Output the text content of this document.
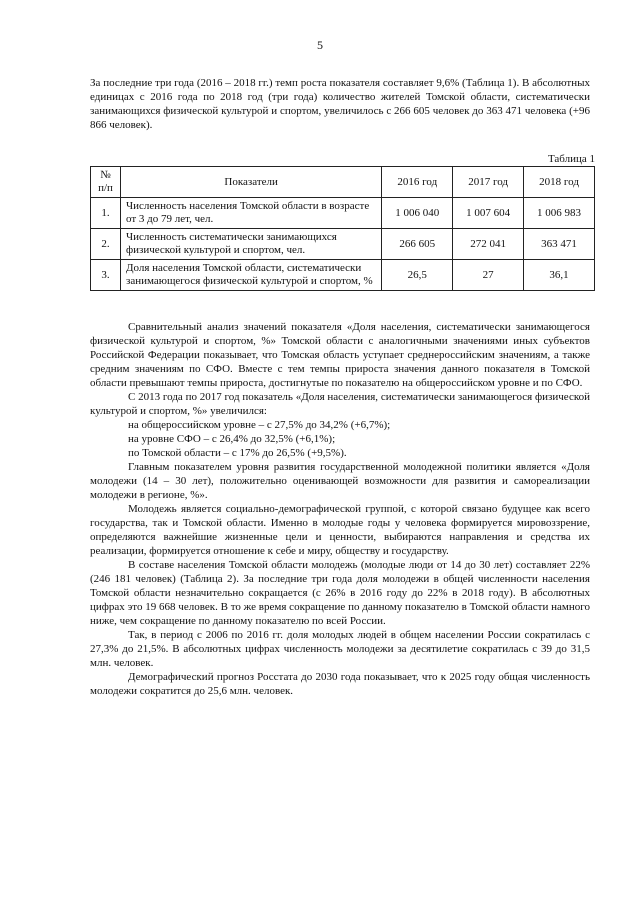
5

За последние три года (2016 – 2018 гг.) темп роста показателя составляет 9,6% (Таблица 1). В абсолютных единицах с 2016 года по 2018 год (три года) количество жителей Томской области, систематически занимающихся физической культурой и спортом, увеличилось с 266 605 человек до 363 471 человека (+96 866 человек).

Таблица 1
№ п/п	Показатели	2016 год	2017 год	2018 год
1.	Численность населения Томской области в возрасте от 3 до 79 лет, чел.	1 006 040	1 007 604	1 006 983
2.	Численность систематически занимающихся физической культурой и спортом, чел.	266 605	272 041	363 471
3.	Доля населения Томской области, систематически занимающегося физической культурой и спортом, %	26,5	27	36,1

Сравнительный анализ значений показателя «Доля населения, систематически занимающегося физической культурой и спортом, %» Томской области с аналогичными значениями иных субъектов Российской Федерации показывает, что Томская область уступает среднероссийским значениям, а также средним значениям по СФО. Вместе с тем темпы прироста значения данного показателя в Томской области превышают темпы прироста, достигнутые по показателю на общероссийском уровне и по СФО.

С 2013 года по 2017 год показатель «Доля населения, систематически занимающегося физической культурой и спортом, %» увеличился:

на общероссийском уровне – с 27,5% до 34,2% (+6,7%);

на уровне СФО – с 26,4% до 32,5% (+6,1%);

по Томской области – с 17% до 26,5% (+9,5%).

Главным показателем уровня развития государственной молодежной политики является «Доля молодежи (14 – 30 лет), положительно оценивающей возможности для развития и самореализации молодежи в регионе, %».

Молодежь является социально-демографической группой, с которой связано будущее как всего государства, так и Томской области. Именно в молодые годы у человека формируется мировоззрение, определяются важнейшие жизненные цели и ценности, выбираются направления и средства их реализации, формируется отношение к себе и миру, обществу и государству.

В составе населения Томской области молодежь (молодые люди от 14 до 30 лет) составляет 22% (246 181 человек) (Таблица 2). За последние три года доля молодежи в общей численности населения Томской области незначительно сокращается (с 26% в 2016 году до 22% в 2018 году). В абсолютных цифрах это 19 668 человек. В то же время сокращение по данному показателю в Томской области намного ниже, чем сокращение по данному показателю по всей России.

Так, в период с 2006 по 2016 гг. доля молодых людей в общем населении России сократилась с 27,3% до 21,5%. В абсолютных цифрах численность молодежи за десятилетие сократилась с 39 до 31,5 млн. человек.

Демографический прогноз Росстата до 2030 года показывает, что к 2025 году общая численность молодежи сократится до 25,6 млн. человек.
